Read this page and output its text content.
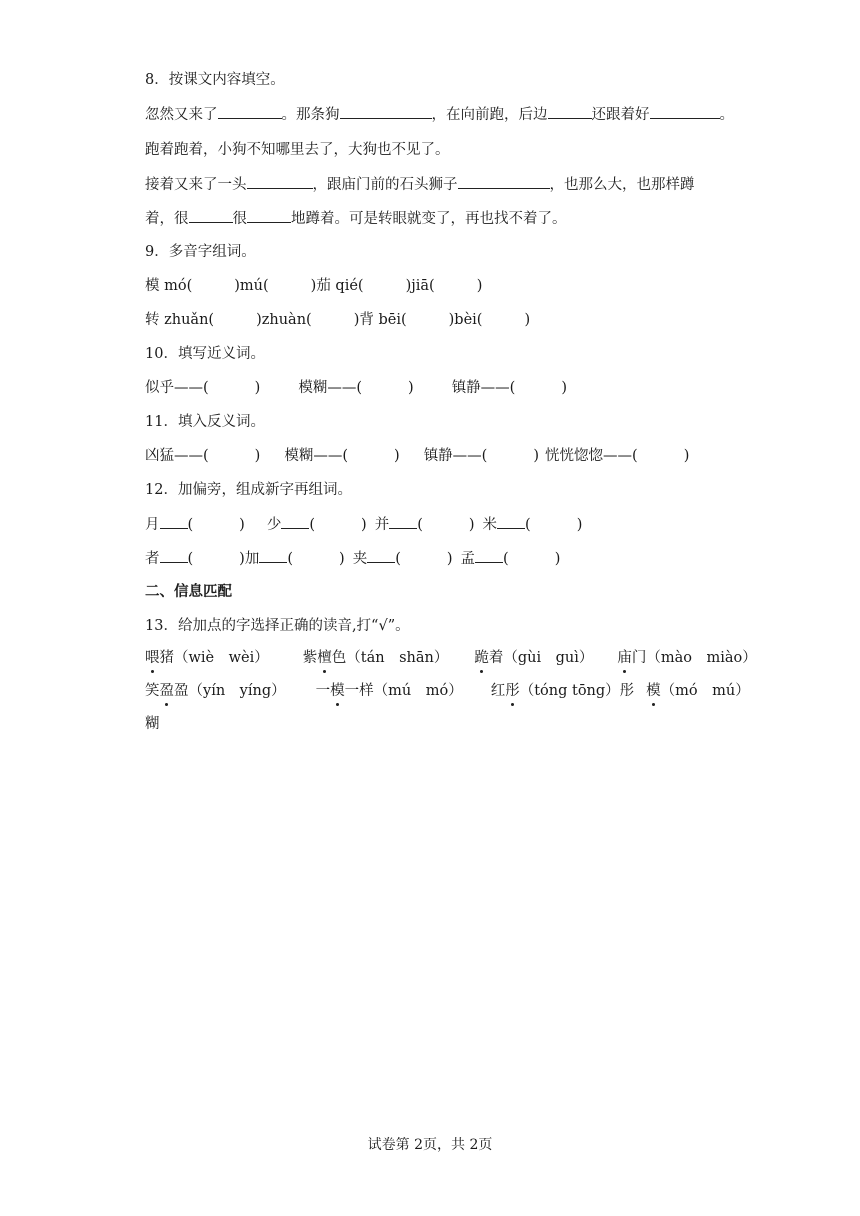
8．按课文内容填空。
忽然又来了	。那条狗	，在向前跑，后边	还跟着好	。
跑着跑着，小狗不知哪里去了，大狗也不见了。
接着又来了一头	，跟庙门前的石头狮子	，也那么大，也那样蹲
着，很	很	地蹲着。可是转眼就变了，再也找不着了。
9．多音字组词。
模 mó(	)mú(	)茄 qié(	)jiā(	)
转 zhuǎn(	)zhuàn(	)背 bēi(	)bèi(	)
10．填写近义词。
似乎——(	)	模糊——(	)	镇静——(	)
11．填入反义词。
凶猛——(	) 模糊——(	) 镇静——(	) 恍恍惚惚——(	)
12．加偏旁，组成新字再组词。
月 (	) 少 (	) 并 (	) 米 (	)
者 (	)加 (	) 夹 (	) 孟 (	)
二、信息匹配
13．给加点的字选择正确的读音,打“√”。
喂猪（wiè　wèi） 紫檀色（tán　shān） 跪着（gùi　guì） 庙门（mào　miào）
笑盈盈（yín　yíng） 一模一样（mú　mó） 红彤（tóng tōng）彤 模（mó　mú）
糊
试卷第 2页，共 2页
